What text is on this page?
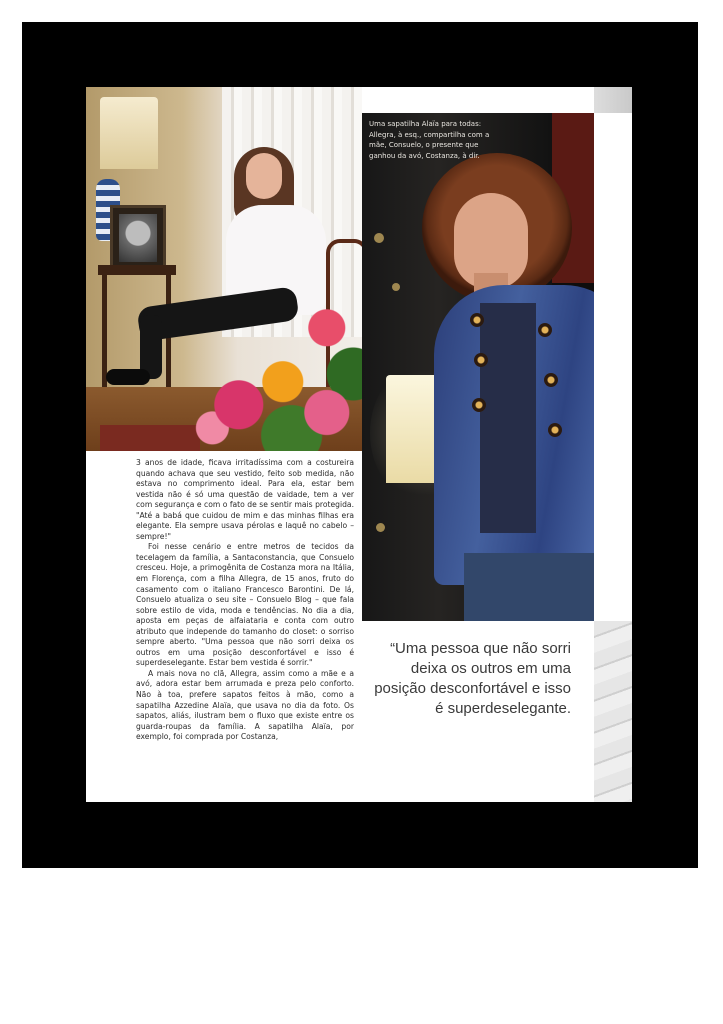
Uma sapatilha Alaïa para todas: Allegra, à esq., compartilha com a mãe, Consuelo, o presente que ganhou da avó, Costanza, à dir.

3 anos de idade, ficava irritadíssima com a costureira quando achava que seu vestido, feito sob medida, não estava no comprimento ideal. Para ela, estar bem vestida não é só uma questão de vaidade, tem a ver com segurança e com o fato de se sentir mais protegida. "Até a babá que cuidou de mim e das minhas filhas era elegante. Ela sempre usava pérolas e laquê no cabelo – sempre!"

Foi nesse cenário e entre metros de tecidos da tecelagem da família, a Santaconstancia, que Consuelo cresceu. Hoje, a primogênita de Costanza mora na Itália, em Florença, com a filha Allegra, de 15 anos, fruto do casamento com o italiano Francesco Barontini. De lá, Consuelo atualiza o seu site – Consuelo Blog – que fala sobre estilo de vida, moda e tendências. No dia a dia, aposta em peças de alfaiataria e conta com outro atributo que independe do tamanho do closet: o sorriso sempre aberto. "Uma pessoa que não sorri deixa os outros em uma posição desconfortável e isso é superdeselegante. Estar bem vestida é sorrir."

A mais nova no clã, Allegra, assim como a mãe e a avó, adora estar bem arrumada e preza pelo conforto. Não à toa, prefere sapatos feitos à mão, como a sapatilha Azzedine Alaïa, que usava no dia da foto. Os sapatos, aliás, ilustram bem o fluxo que existe entre os guarda-roupas da família. A sapatilha Alaïa, por exemplo, foi comprada por Costanza,

“Uma pessoa que não sorri deixa os outros em uma posição desconfortável e isso é superdeselegante.
